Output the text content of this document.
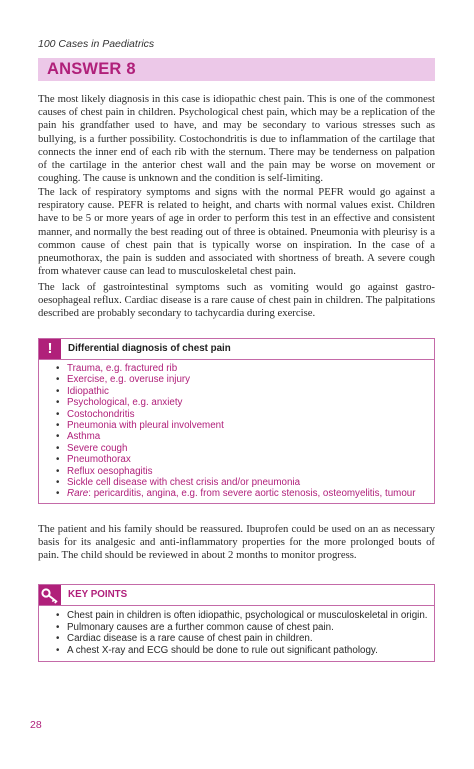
100 Cases in Paediatrics
ANSWER 8

The most likely diagnosis in this case is idiopathic chest pain. This is one of the commonest causes of chest pain in children. Psychological chest pain, which may be a replication of the pain his grandfather used to have, and may be secondary to various stresses such as bullying, is a further possibility. Costochondritis is due to inflammation of the cartilage that connects the inner end of each rib with the sternum. There may be tenderness on palpation of the cartilage in the anterior chest wall and the pain may be worse on movement or coughing. The cause is unknown and the condition is self-limiting.

The lack of respiratory symptoms and signs with the normal PEFR would go against a respiratory cause. PEFR is related to height, and charts with normal values exist. Children have to be 5 or more years of age in order to perform this test in an effective and consistent manner, and normally the best reading out of three is obtained. Pneumonia with pleurisy is a common cause of chest pain that is typically worse on inspiration. In the case of a pneumothorax, the pain is sudden and associated with shortness of breath. A severe cough from whatever cause can lead to musculoskeletal chest pain.

The lack of gastrointestinal symptoms such as vomiting would go against gastro-oesophageal reflux. Cardiac disease is a rare cause of chest pain in children. The palpitations described are probably secondary to tachycardia during exercise.

!	Differential diagnosis of chest pain
• Trauma, e.g. fractured rib
• Exercise, e.g. overuse injury
• Idiopathic
• Psychological, e.g. anxiety
• Costochondritis
• Pneumonia with pleural involvement
• Asthma
• Severe cough
• Pneumothorax
• Reflux oesophagitis
• Sickle cell disease with chest crisis and/or pneumonia
• Rare: pericarditis, angina, e.g. from severe aortic stenosis, osteomyelitis, tumour

The patient and his family should be reassured. Ibuprofen could be used on an as necessary basis for its analgesic and anti-inflammatory properties for the more prolonged bouts of pain. The child should be reviewed in about 2 months to monitor progress.

KEY POINTS
• Chest pain in children is often idiopathic, psychological or musculoskeletal in origin.
• Pulmonary causes are a further common cause of chest pain.
• Cardiac disease is a rare cause of chest pain in children.
• A chest X-ray and ECG should be done to rule out significant pathology.
28
